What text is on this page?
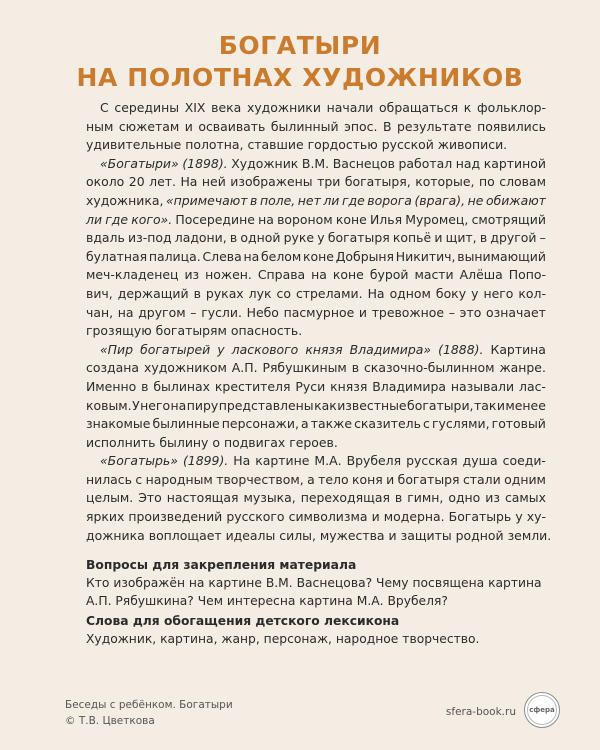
БОГАТЫРИ
НА ПОЛОТНАХ ХУДОЖНИКОВ
С середины XIX века художники начали обращаться к фольклор-
ным сюжетам и осваивать былинный эпос. В результате появились
удивительные
полотна,
ставшие
гордостью
русской
живописи.

«Богатыри» (1898). Художник В.М. Васнецов работал над картиной
около 20 лет. На ней изображены три богатыря, которые, по словам
художника, «примечают в поле, нет ли где ворога (врага), не обижают
ли где кого». Посередине на вороном коне Илья Муромец, смотрящий
вдаль из-под ладони, в одной руке у богатыря копьё и щит, в другой –
булатная палица. Слева на белом коне Добрыня Никитич, вынимающий
меч-кладенец из ножен. Справа на коне бурой масти Алёша Попо-
вич, держащий в руках лук со стрелами. На одном боку у него кол-
чан, на другом – гусли. Небо пасмурное и тревожное – это означает
грозящую
богатырям
опасность.

«Пир богатырей у ласкового князя Владимира» (1888). Картина
создана художником А.П. Рябушкиным в сказочно-былинном жанре.
Именно в былинах крестителя Руси князя Владимира называли лас-
ковым. У него на пиру представлены как известные богатыри, так и менее
знакомые былинные персонажи, а также сказитель с гуслями, готовый
исполнить
былину
о
подвигах
героев.

«Богатырь» (1899). На картине М.А. Врубеля русская душа соеди-
нилась с народным творчеством, а тело коня и богатыря стали одним
целым. Это настоящая музыка, переходящая в гимн, одно из самых
ярких произведений русского символизма и модерна. Богатырь у ху-
дожника
воплощает
идеалы
силы,
мужества
и
защиты
родной
земли.

Вопросы для закрепления материала
Кто изображён на картине В.М. Васнецова? Чему посвящена картина
А.П. Рябушкина? Чем интересна картина М.А. Врубеля?
Слова для обогащения детского лексикона
Художник, картина, жанр, персонаж, народное творчество.
Беседы с ребёнком. Богатыри
© Т.В. Цветкова
sfera-book.ru сфера
